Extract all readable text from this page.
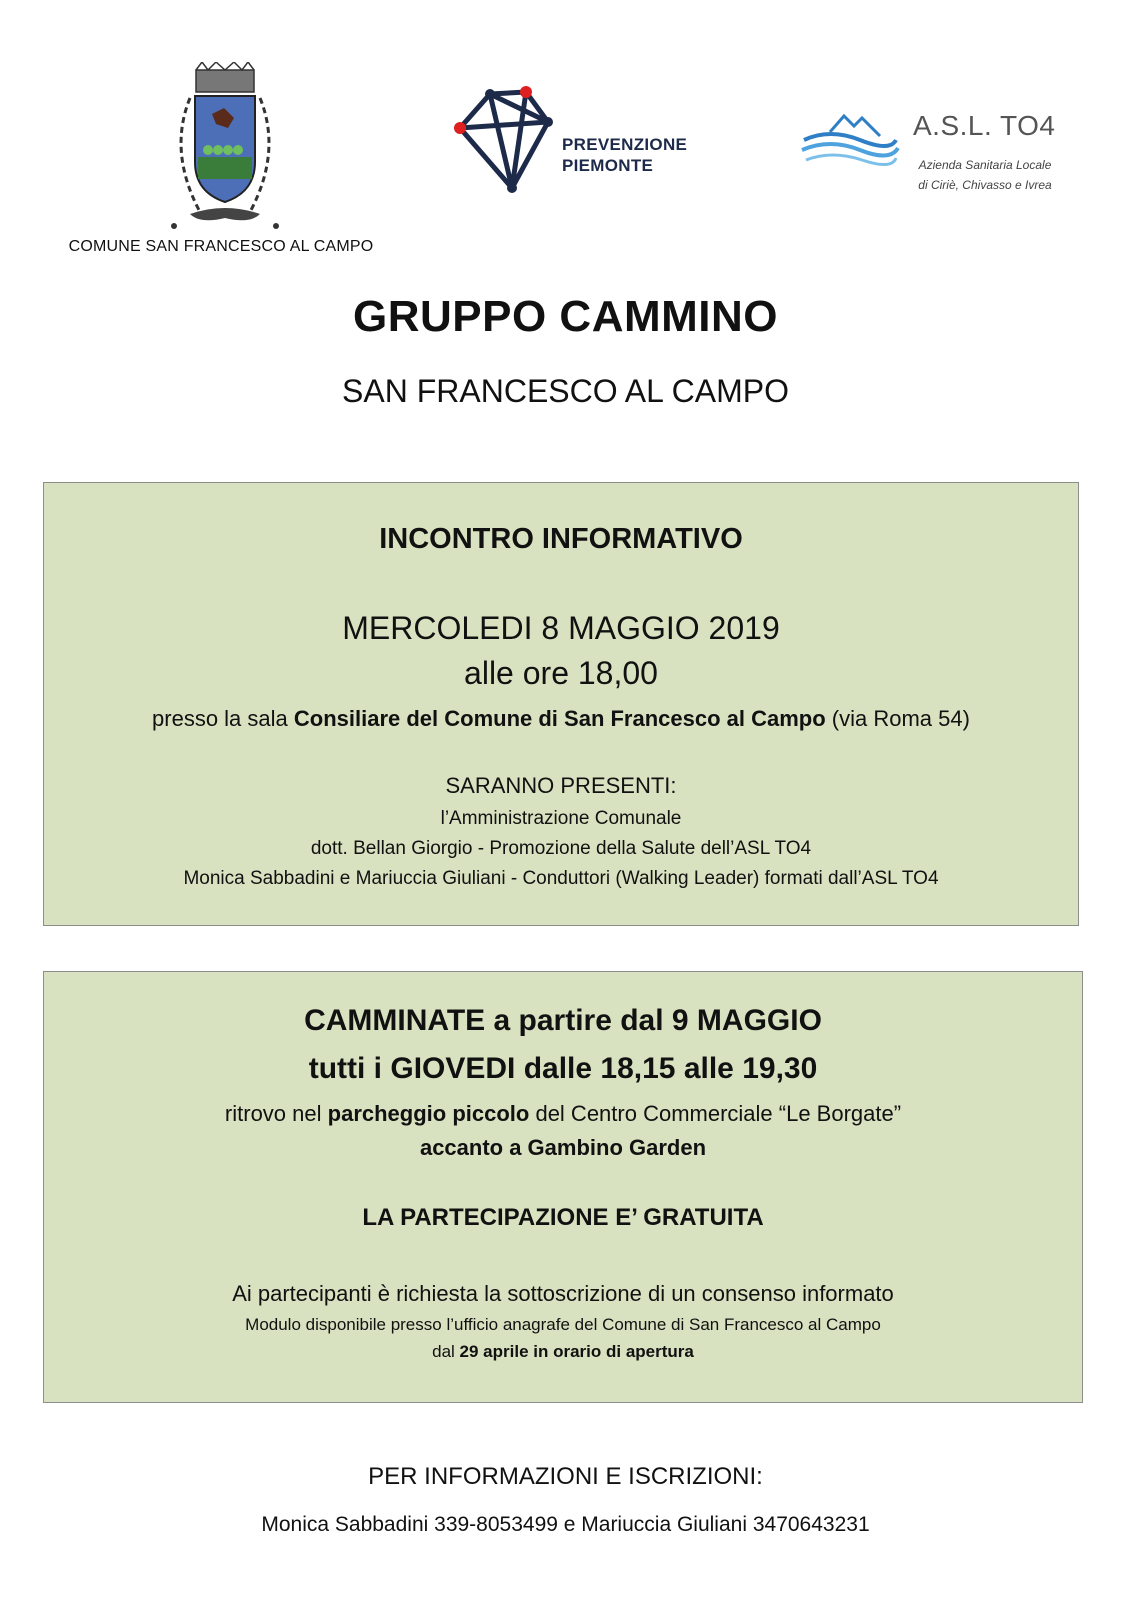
COMUNE SAN FRANCESCO AL CAMPO
PREVENZIONE
PIEMONTE
A.S.L. TO4
Azienda Sanitaria Locale
di Ciriè, Chivasso e Ivrea
GRUPPO CAMMINO
SAN FRANCESCO AL CAMPO
INCONTRO INFORMATIVO
MERCOLEDI 8 MAGGIO 2019
alle ore 18,00
presso la sala Consiliare del Comune di San Francesco al Campo (via Roma 54)
SARANNO PRESENTI:
l’Amministrazione Comunale
dott. Bellan Giorgio - Promozione della Salute dell’ASL TO4
Monica Sabbadini e Mariuccia Giuliani - Conduttori (Walking Leader) formati dall’ASL TO4
CAMMINATE a partire dal 9 MAGGIO
tutti i GIOVEDI dalle 18,15 alle 19,30
ritrovo nel parcheggio piccolo del Centro Commerciale “Le Borgate”
accanto a Gambino Garden
LA PARTECIPAZIONE E’ GRATUITA
Ai partecipanti è richiesta la sottoscrizione di un consenso informato
Modulo disponibile presso l’ufficio anagrafe del Comune di San Francesco al Campo
dal 29 aprile in orario di apertura
PER INFORMAZIONI E ISCRIZIONI:
Monica Sabbadini 339-8053499 e Mariuccia Giuliani 3470643231
